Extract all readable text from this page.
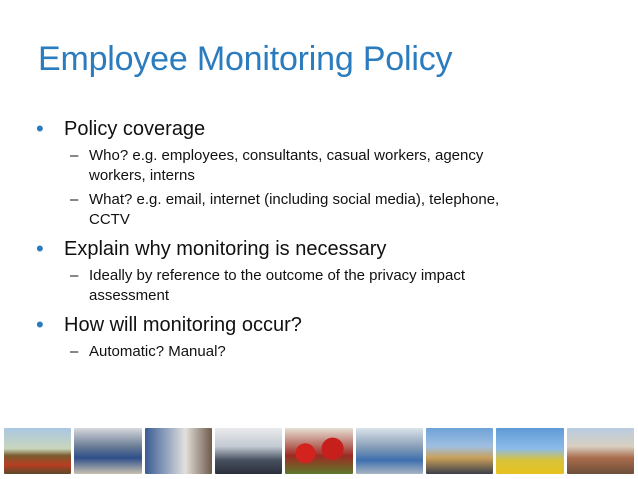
Employee Monitoring Policy
• Policy coverage
– Who? e.g. employees, consultants, casual workers, agency
workers, interns
– What? e.g. email, internet (including social media), telephone,
CCTV
• Explain why monitoring is necessary
– Ideally by reference to the outcome of the privacy impact
assessment
• How will monitoring occur?
– Automatic? Manual?
